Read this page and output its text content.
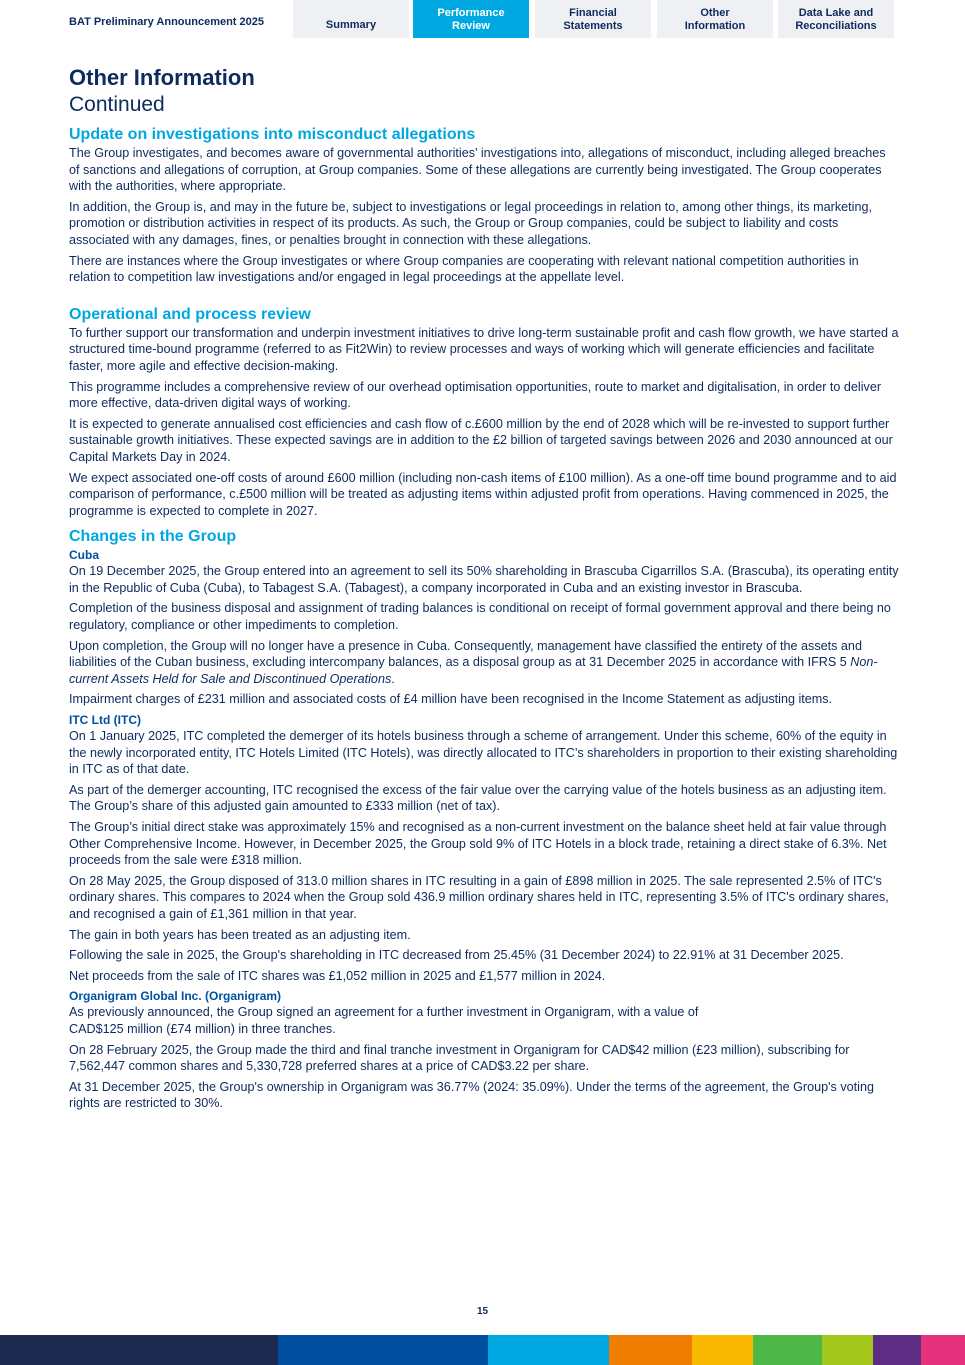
BAT Preliminary Announcement 2025	Summary
Performance
Review
Financial
Statements
Other
Information
Data Lake and
Reconciliations
Other Information
Continued
Update on investigations into misconduct allegations

The Group investigates, and becomes aware of governmental authorities’ investigations into, allegations of misconduct, including alleged breaches of sanctions and allegations of corruption, at Group companies. Some of these allegations are currently being investigated. The Group cooperates with the authorities, where appropriate.

In addition, the Group is, and may in the future be, subject to investigations or legal proceedings in relation to, among other things, its marketing, promotion or distribution activities in respect of its products. As such, the Group or Group companies, could be subject to liability and costs associated with any damages, fines, or penalties brought in connection with these allegations.

There are instances where the Group investigates or where Group companies are cooperating with relevant national competition authorities in relation to competition law investigations and/or engaged in legal proceedings at the appellate level.

Operational and process review

To further support our transformation and underpin investment initiatives to drive long-term sustainable profit and cash flow growth, we have started a structured time-bound programme (referred to as Fit2Win) to review processes and ways of working which will generate efficiencies and facilitate faster, more agile and effective decision-making.

This programme includes a comprehensive review of our overhead optimisation opportunities, route to market and digitalisation, in order to deliver more effective, data-driven digital ways of working.

It is expected to generate annualised cost efficiencies and cash flow of c.£600 million by the end of 2028 which will be re-invested to support further sustainable growth initiatives. These expected savings are in addition to the £2 billion of targeted savings between 2026 and 2030 announced at our Capital Markets Day in 2024.

We expect associated one-off costs of around £600 million (including non-cash items of £100 million). As a one-off time bound programme and to aid comparison of performance, c.£500 million will be treated as adjusting items within adjusted profit from operations. Having commenced in 2025, the programme is expected to complete in 2027.

Changes in the Group
Cuba

On 19 December 2025, the Group entered into an agreement to sell its 50% shareholding in Brascuba Cigarrillos S.A. (Brascuba), its operating entity in the Republic of Cuba (Cuba), to Tabagest S.A. (Tabagest), a company incorporated in Cuba and an existing investor in Brascuba.

Completion of the business disposal and assignment of trading balances is conditional on receipt of formal government approval and there being no regulatory, compliance or other impediments to completion.

Upon completion, the Group will no longer have a presence in Cuba. Consequently, management have classified the entirety of the assets and liabilities of the Cuban business, excluding intercompany balances, as a disposal group as at 31 December 2025 in accordance with IFRS 5 Non-current Assets Held for Sale and Discontinued Operations.

Impairment charges of £231 million and associated costs of £4 million have been recognised in the Income Statement as adjusting items.

ITC Ltd (ITC)

On 1 January 2025, ITC completed the demerger of its hotels business through a scheme of arrangement. Under this scheme, 60% of the equity in the newly incorporated entity, ITC Hotels Limited (ITC Hotels), was directly allocated to ITC’s shareholders in proportion to their existing shareholding in ITC as of that date.

As part of the demerger accounting, ITC recognised the excess of the fair value over the carrying value of the hotels business as an adjusting item. The Group’s share of this adjusted gain amounted to £333 million (net of tax).

The Group’s initial direct stake was approximately 15% and recognised as a non-current investment on the balance sheet held at fair value through Other Comprehensive Income. However, in December 2025, the Group sold 9% of ITC Hotels in a block trade, retaining a direct stake of 6.3%. Net proceeds from the sale were £318 million.

On 28 May 2025, the Group disposed of 313.0 million shares in ITC resulting in a gain of £898 million in 2025. The sale represented 2.5% of ITC's ordinary shares. This compares to 2024 when the Group sold 436.9 million ordinary shares held in ITC, representing 3.5% of ITC's ordinary shares, and recognised a gain of £1,361 million in that year.

The gain in both years has been treated as an adjusting item.

Following the sale in 2025, the Group's shareholding in ITC decreased from 25.45% (31 December 2024) to 22.91% at 31 December 2025.

Net proceeds from the sale of ITC shares was £1,052 million in 2025 and £1,577 million in 2024.

Organigram Global Inc. (Organigram)

As previously announced, the Group signed an agreement for a further investment in Organigram, with a value of
CAD$125 million (£74 million) in three tranches.

On 28 February 2025, the Group made the third and final tranche investment in Organigram for CAD$42 million (£23 million), subscribing for 7,562,447 common shares and 5,330,728 preferred shares at a price of CAD$3.22 per share.

At 31 December 2025, the Group's ownership in Organigram was 36.77% (2024: 35.09%). Under the terms of the agreement, the Group's voting rights are restricted to 30%.

15
